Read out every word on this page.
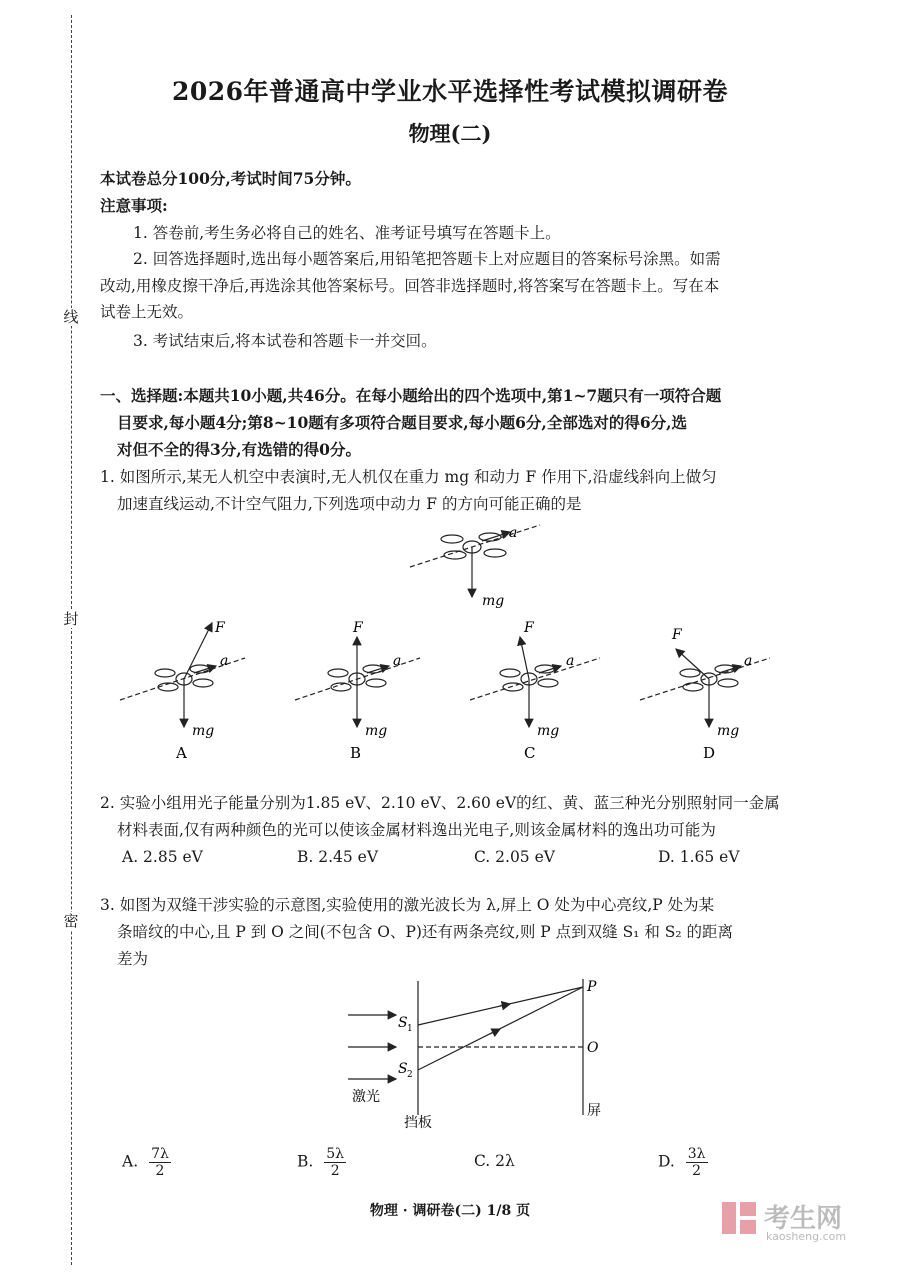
线
封
密
2026年普通高中学业水平选择性考试模拟调研卷
物理(二)
本试卷总分100分,考试时间75分钟。
注意事项:
1. 答卷前,考生务必将自己的姓名、准考证号填写在答题卡上。
2. 回答选择题时,选出每小题答案后,用铅笔把答题卡上对应题目的答案标号涂黑。如需
改动,用橡皮擦干净后,再选涂其他答案标号。回答非选择题时,将答案写在答题卡上。写在本
试卷上无效。
3. 考试结束后,将本试卷和答题卡一并交回。
一、选择题:本题共10小题,共46分。在每小题给出的四个选项中,第1~7题只有一项符合题
目要求,每小题4分;第8~10题有多项符合题目要求,每小题6分,全部选对的得6分,选
对但不全的得3分,有选错的得0分。
1. 如图所示,某无人机空中表演时,无人机仅在重力 mg 和动力 F 作用下,沿虚线斜向上做匀
加速直线运动,不计空气阻力,下列选项中动力 F 的方向可能正确的是
a
mg
F
a
mg
A
F
a
mg
B
F
a
mg
C
F
a
mg
D
2. 实验小组用光子能量分别为1.85 eV、2.10 eV、2.60 eV的红、黄、蓝三种光分别照射同一金属
材料表面,仅有两种颜色的光可以使该金属材料逸出光电子,则该金属材料的逸出功可能为
A. 2.85 eV	B. 2.45 eV	C. 2.05 eV	D. 1.65 eV
3. 如图为双缝干涉实验的示意图,实验使用的激光波长为 λ,屏上 O 处为中心亮纹,P 处为某
条暗纹的中心,且 P 到 O 之间(不包含 O、P)还有两条亮纹,则 P 点到双缝 S₁ 和 S₂ 的距离
差为
P
O
S 1
S 2
激光
挡板
屏
A. $\frac{7\lambda}{2}$	B. $\frac{5\lambda}{2}$	C. 2λ	D. $\frac{3\lambda}{2}$
物理 · 调研卷(二) 1/8 页	考生网
kaosheng.com
